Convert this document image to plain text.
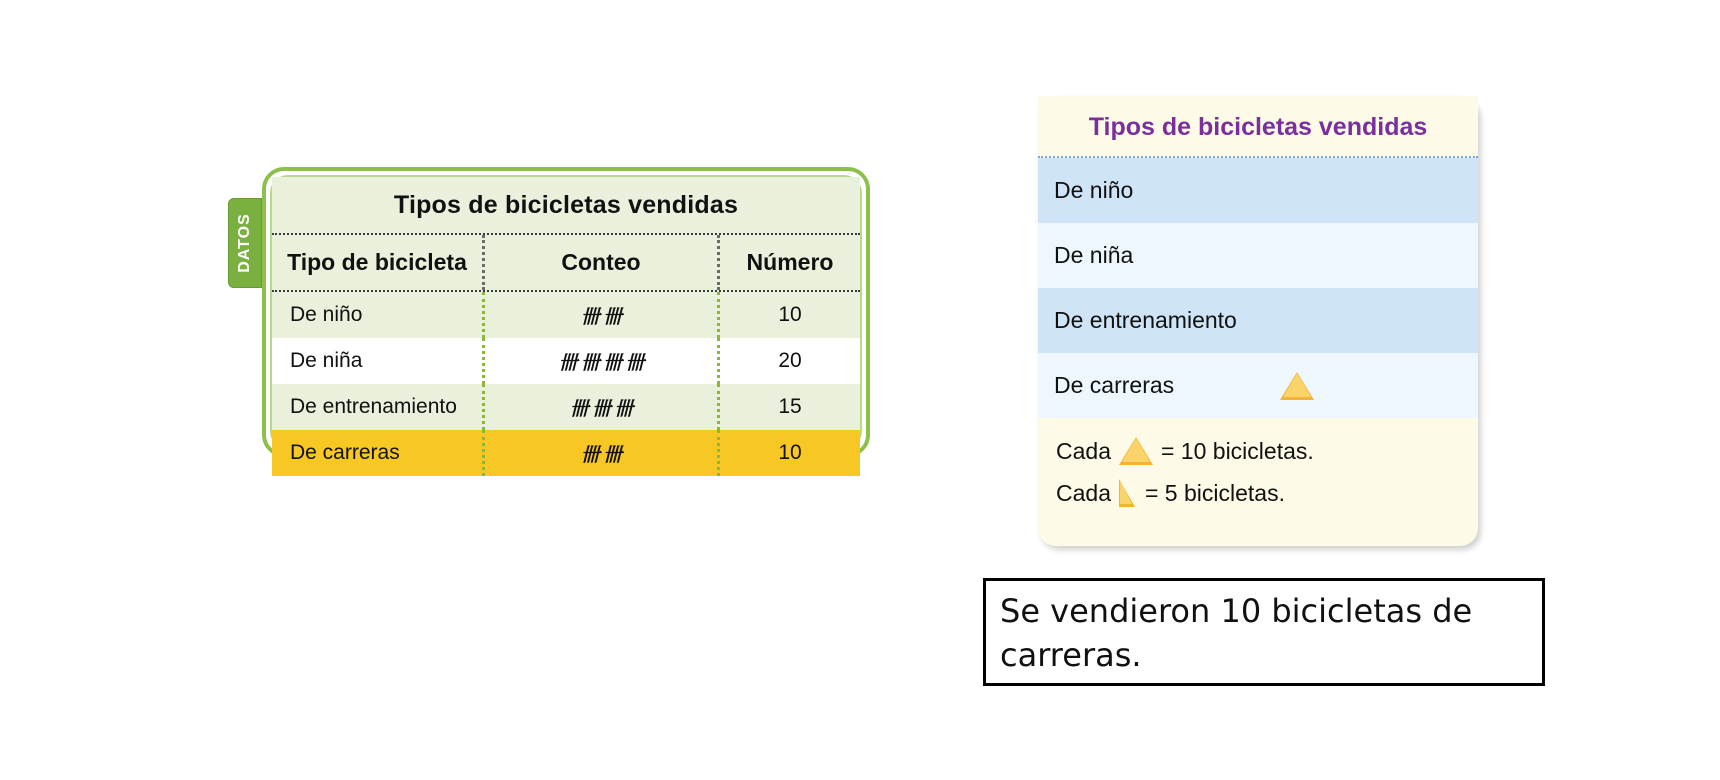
DATOS
Tipos de bicicletas vendidas
Tipo de bicicleta	Conteo	Número
De niño	卌 卌	10
De niña	卌 卌 卌 卌	20
De entrenamiento	卌 卌 卌	15
De carreras	卌 卌	10
Tipos de bicicletas vendidas
De niño
De niña
De entrenamiento
De carreras
Cada = 10 bicicletas.
Cada = 5 bicicletas.

Se vendieron 10 bicicletas de carreras.
